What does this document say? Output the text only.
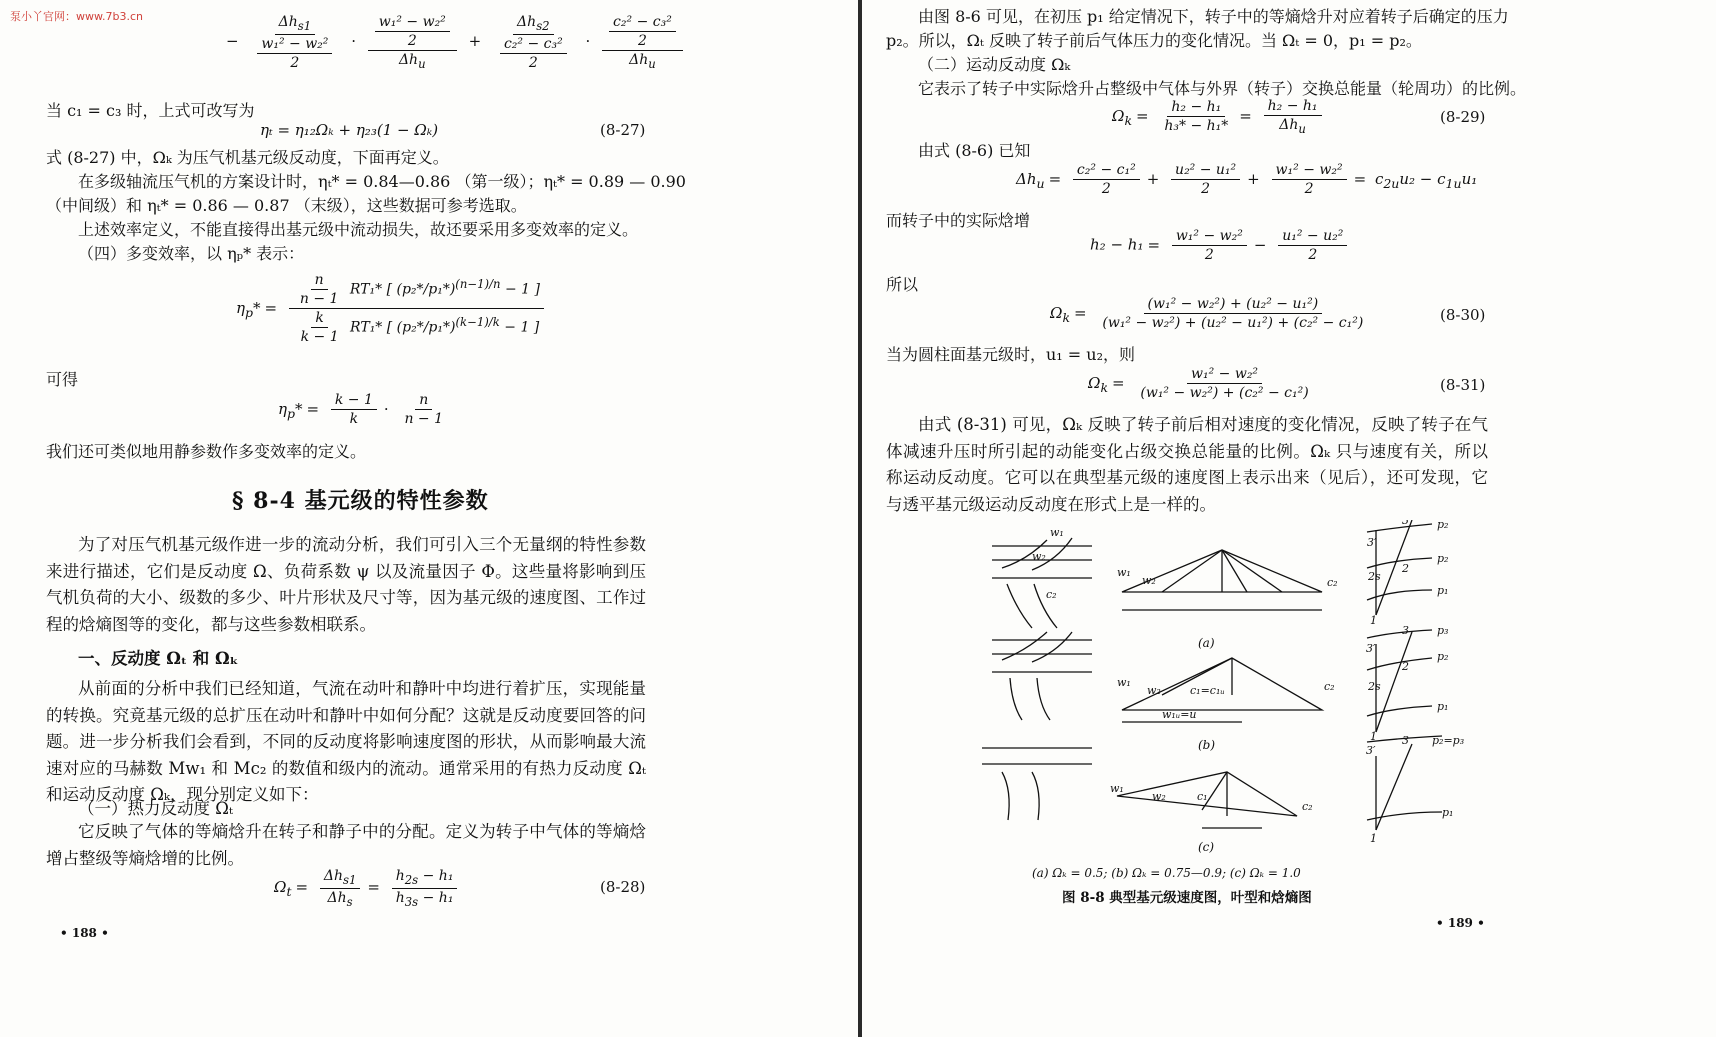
泵小丫官网：www.7b3.cn
− $\frac{\Delta h_{s1}}{\frac{\text{w₁² − w₂²}}{2}} \cdot \frac{\frac{\text{w₁² − w₂²}}{2}}{\Delta h_u} + \frac{\Delta h_{s2}}{\frac{\text{c₂² − c₃²}}{2}} \cdot \frac{\frac{\text{c₂² − c₃²}}{2}}{\Delta h_u}$
当 c₁ = c₃ 时，上式可改写为
ηₜ = η₁₂Ωₖ + η₂₃(1 − Ωₖ)	(8-27)
式 (8-27) 中，Ωₖ 为压气机基元级反动度，下面再定义。
在多级轴流压气机的方案设计时，ηₜ* = 0.84—0.86 （第一级）；ηₜ* = 0.89 — 0.90
（中间级）和 ηₜ* = 0.86 — 0.87 （末级），这些数据可参考选取。
上述效率定义，不能直接得出基元级中流动损失，故还要采用多变效率的定义。
（四）多变效率，以 ηₚ* 表示：
$\eta_p* = \frac{\frac{n}{n - 1} RT_1* [ (p_2*/p_1*)^{(n-1)/n} - 1 ]}{\frac{k}{k - 1} RT_1* [ (p_2*/p_1*)^{(k-1)/k} - 1 ]}$
可得
$\eta_p* = \frac{k - 1}{k} \cdot \frac{n}{n - 1}$
我们还可类似地用静参数作多变效率的定义。
§ 8-4 基元级的特性参数
为了对压气机基元级作进一步的流动分析，我们可引入三个无量纲的特性参数来进行描述，它们是反动度 Ω、负荷系数 ψ 以及流量因子 Φ。这些量将影响到压气机负荷的大小、级数的多少、叶片形状及尺寸等，因为基元级的速度图、工作过程的焓熵图等的变化，都与这些参数相联系。
一、反动度 Ωₜ 和 Ωₖ
从前面的分析中我们已经知道，气流在动叶和静叶中均进行着扩压，实现能量的转换。究竟基元级的总扩压在动叶和静叶中如何分配？这就是反动度要回答的问题。进一步分析我们会看到，不同的反动度将影响速度图的形状，从而影响最大流速对应的马赫数 Mw₁ 和 Mc₂ 的数值和级内的流动。通常采用的有热力反动度 Ωₜ 和运动反动度 Ωₖ，现分别定义如下：
（一）热力反动度 Ωₜ
它反映了气体的等熵焓升在转子和静子中的分配。定义为转子中气体的等熵焓增占整级等熵焓增的比例。
$\Omega_t = \frac{\Delta h_{s1}}{\Delta h_s} = \frac{h_{2s} - h_1}{h_{3s} - h_1}$	(8-28)
• 188 •
由图 8-6 可见，在初压 p₁ 给定情况下，转子中的等熵焓升对应着转子后确定的压力
p₂。所以，Ωₜ 反映了转子前后气体压力的变化情况。当 Ωₜ = 0，p₁ = p₂。
（二）运动反动度 Ωₖ
它表示了转子中实际焓升占整级中气体与外界（转子）交换总能量（轮周功）的比例。
$\Omega_k = \frac{\text{h₂ − h₁}}{\text{h₃* − h₁*}} = \frac{\text{h₂ − h₁}}{\Delta h_u}$	(8-29)
由式 (8-6) 已知
$\Delta h_u = \frac{\text{c₂² − c₁²}}{2} + \frac{\text{u₂² − u₁²}}{2} + \frac{\text{w₁² − w₂²}}{2} = c_{2u}u_2 - c_{1u}u_1$
而转子中的实际焓增
$h_2 - h_1 = \frac{\text{w₁² − w₂²}}{2} - \frac{\text{u₁² − u₂²}}{2}$
所以
$\Omega_k = \frac{\text{(w₁² − w₂²) + (u₂² − u₁²)}}{\text{(w₁² − w₂²) + (u₂² − u₁²) + (c₂² − c₁²)}}$	(8-30)
当为圆柱面基元级时，u₁ = u₂，则
$\Omega_k = \frac{\text{w₁² − w₂²}}{\text{(w₁² − w₂²) + (c₂² − c₁²)}}$	(8-31)
由式 (8-31) 可见，Ωₖ 反映了转子前后相对速度的变化情况，反映了转子在气体减速升压时所引起的动能变化占级交换总能量的比例。Ωₖ 只与速度有关，所以称运动反动度。它可以在典型基元级的速度图上表示出来（见后），还可发现，它与透平基元级运动反动度在形式上是一样的。
w₁
w₂
c₂
w₁
w₂	c₂
3	p₂
p₂
p₁
3′
2s
2
1
w₁
w₂	c₁=c₁ᵤ
w₁ᵤ=u
c₂
3	p₃
p₂
p₁
3′
2s
2
1
w₁
w₂	c₁
c₂
3 p₂=p₃
p₁
3′
1
(a)
(b)
(c)
(a) Ωₖ = 0.5; (b) Ωₖ = 0.75—0.9; (c) Ωₖ = 1.0
图 8-8 典型基元级速度图，叶型和焓熵图
• 189 •
